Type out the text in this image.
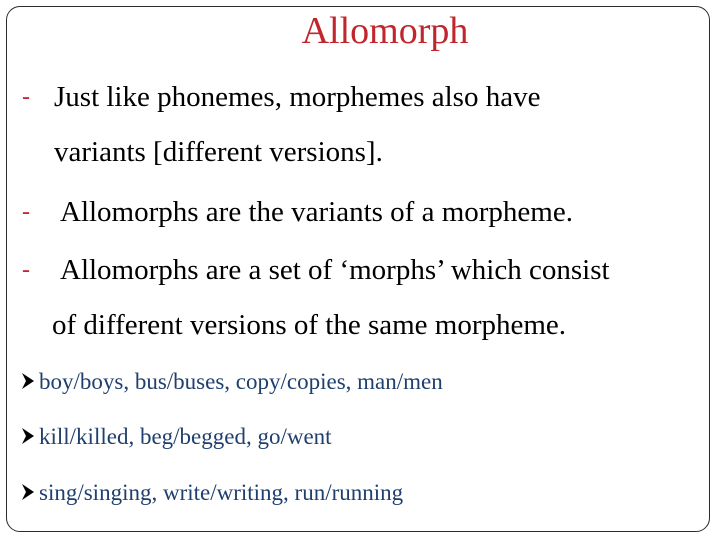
Allomorph
- Just like phonemes, morphemes also have
variants [different versions].
- Allomorphs are the variants of a morpheme.
- Allomorphs are a set of ‘morphs’ which consist
of different versions of the same morpheme.
boy/boys, bus/buses, copy/copies, man/men
kill/killed, beg/begged, go/went
sing/singing, write/writing, run/running
